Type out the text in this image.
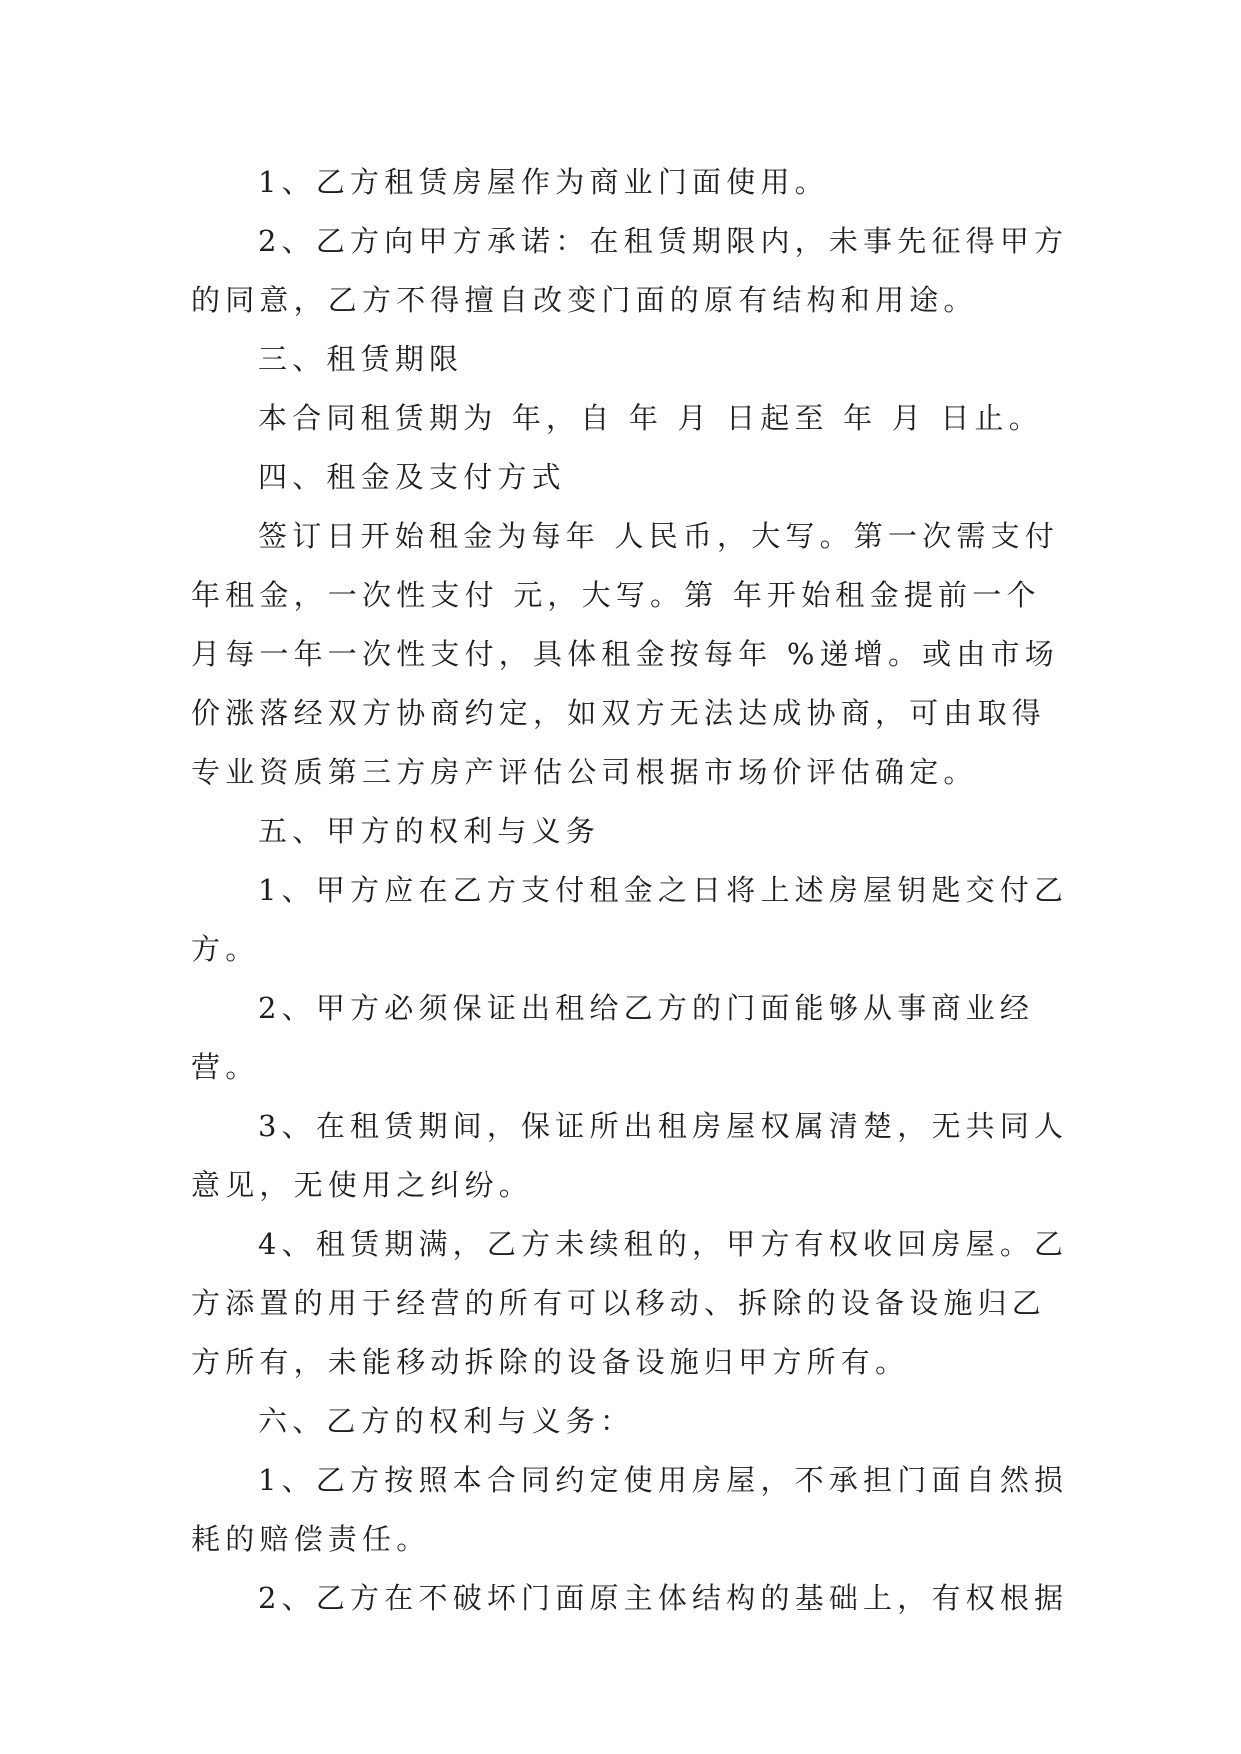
1、乙方租赁房屋作为商业门面使用。

2、乙方向甲方承诺：在租赁期限内，未事先征得甲方的同意，乙方不得擅自改变门面的原有结构和用途。

三、租赁期限

本合同租赁期为 年，自 年 月 日起至 年 月 日止。

四、租金及支付方式

签订日开始租金为每年 人民币，大写。第一次需支付年租金，一次性支付 元，大写。第 年开始租金提前一个月每一年一次性支付，具体租金按每年 %递增。或由市场价涨落经双方协商约定，如双方无法达成协商，可由取得专业资质第三方房产评估公司根据市场价评估确定。

五、甲方的权利与义务

1、甲方应在乙方支付租金之日将上述房屋钥匙交付乙方。

2、甲方必须保证出租给乙方的门面能够从事商业经营。

3、在租赁期间，保证所出租房屋权属清楚，无共同人意见，无使用之纠纷。

4、租赁期满，乙方未续租的，甲方有权收回房屋。乙方添置的用于经营的所有可以移动、拆除的设备设施归乙方所有，未能移动拆除的设备设施归甲方所有。

六、乙方的权利与义务：

1、乙方按照本合同约定使用房屋，不承担门面自然损耗的赔偿责任。

2、乙方在不破坏门面原主体结构的基础上，有权根据
